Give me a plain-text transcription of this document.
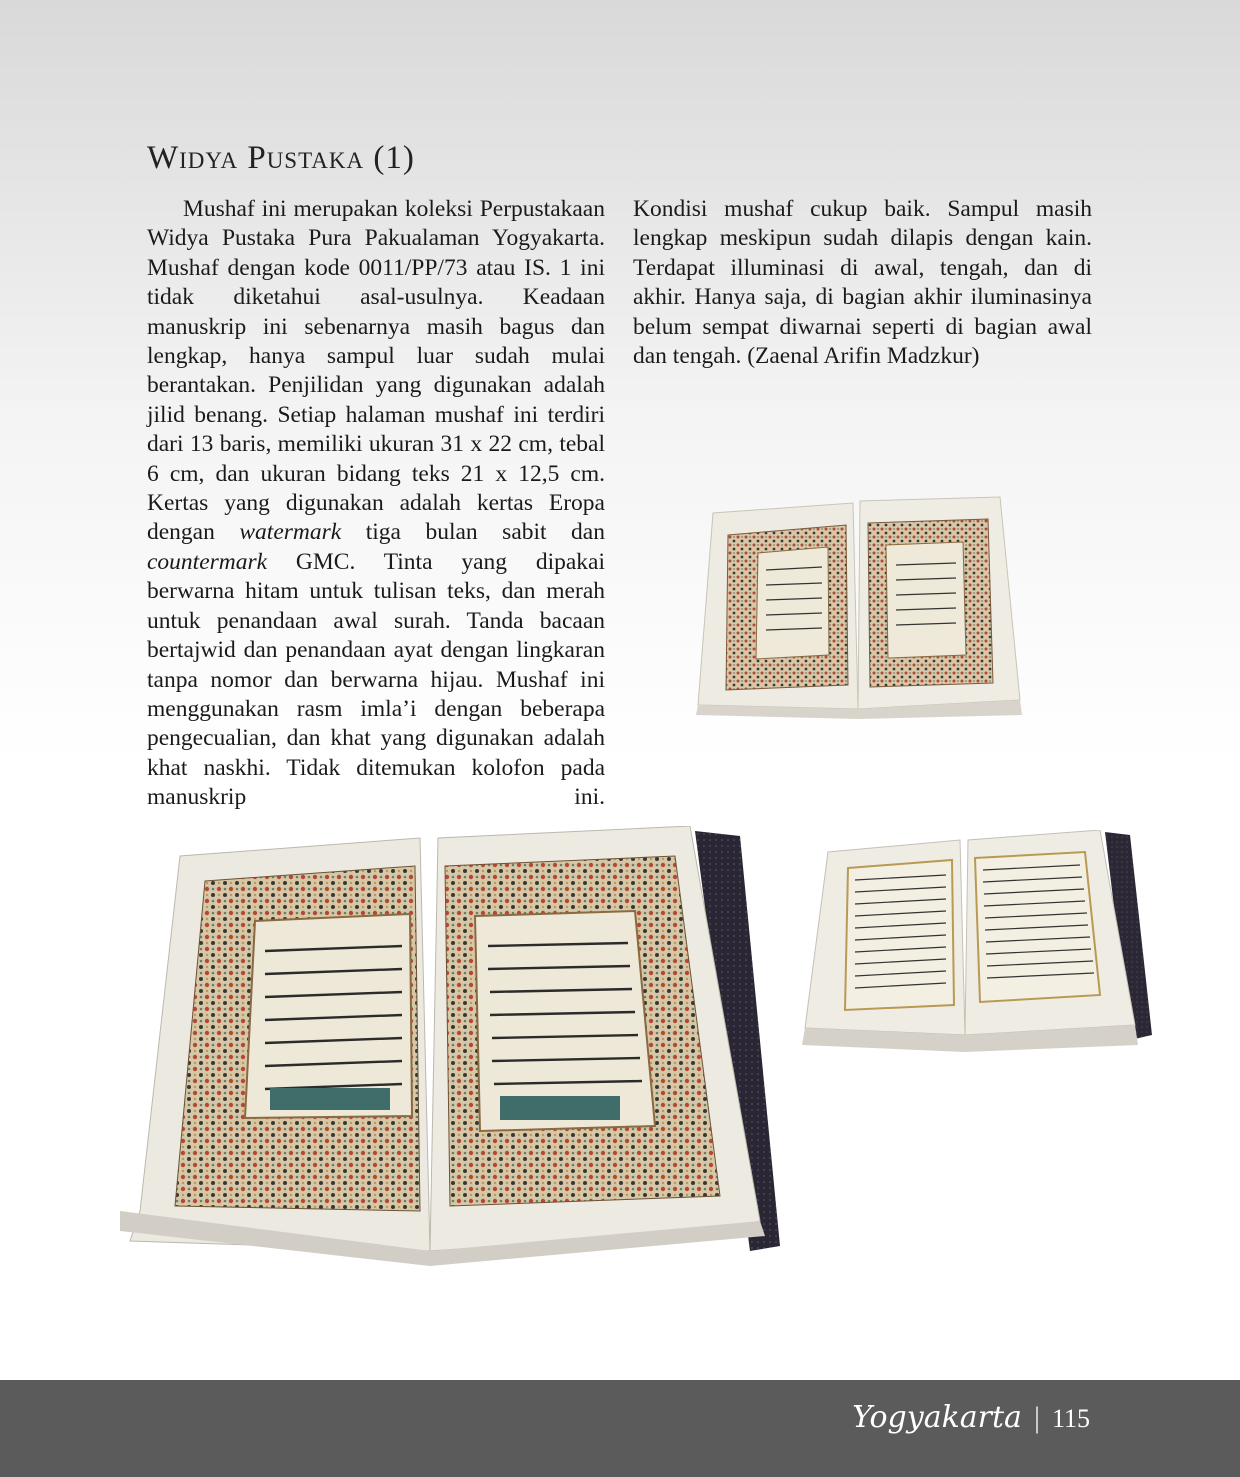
Widya Pustaka (1)

Mushaf ini merupakan koleksi Perpustakaan Widya Pustaka Pura Pakualaman Yogyakarta. Mushaf dengan kode 0011/PP/73 atau IS. 1 ini tidak diketahui asal-usulnya. Keadaan manuskrip ini sebenarnya masih bagus dan lengkap, hanya sampul luar sudah mulai berantakan. Penjilidan yang digunakan adalah jilid benang. Setiap halaman mushaf ini terdiri dari 13 baris, memiliki ukuran 31 x 22 cm, tebal 6 cm, dan ukuran bidang teks 21 x 12,5 cm. Kertas yang digunakan adalah kertas Eropa dengan watermark tiga bulan sabit dan countermark GMC. Tinta yang dipakai berwarna hitam untuk tulisan teks, dan merah untuk penandaan awal surah. Tanda bacaan bertajwid dan penandaan ayat dengan lingkaran tanpa nomor dan berwarna hijau. Mushaf ini menggunakan rasm imla’i dengan beberapa pengecualian, dan khat yang digunakan adalah khat naskhi. Tidak ditemukan kolofon pada manuskrip ini.

Kondisi mushaf cukup baik. Sampul masih lengkap meskipun sudah dilapis dengan kain. Terdapat illuminasi di awal, tengah, dan di akhir. Hanya saja, di bagian akhir iluminasinya belum sempat diwarnai seperti di bagian awal dan tengah. (Zaenal Arifin Madzkur)

Yogyakarta | 115
